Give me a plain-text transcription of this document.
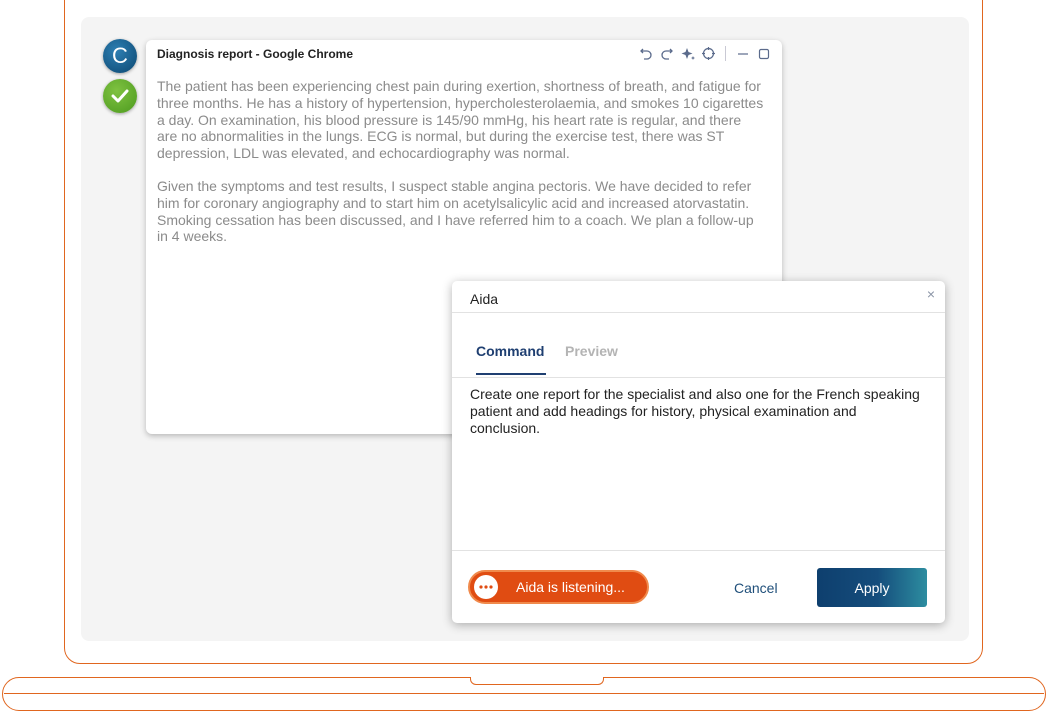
C Diagnosis report - Google Chrome

The patient has been experiencing chest pain during exertion, shortness of breath, and fatigue for three months. He has a history of hypertension, hypercholesterolaemia, and smokes 10 cigarettes a day. On examination, his blood pressure is 145/90 mmHg, his heart rate is regular, and there are no abnormalities in the lungs. ECG is normal, but during the exercise test, there was ST depression, LDL was elevated, and echocardiography was normal.

Given the symptoms and test results, I suspect stable angina pectoris. We have decided to refer him for coronary angiography and to start him on acetylsalicylic acid and increased atorvastatin. Smoking cessation has been discussed, and I have referred him to a coach. We plan a follow-up in 4 weeks.

Aida	×
Command Preview
Create one report for the specialist and also one for the French speaking patient and add headings for history, physical examination and conclusion.
Aida is listening...	Cancel	Apply
